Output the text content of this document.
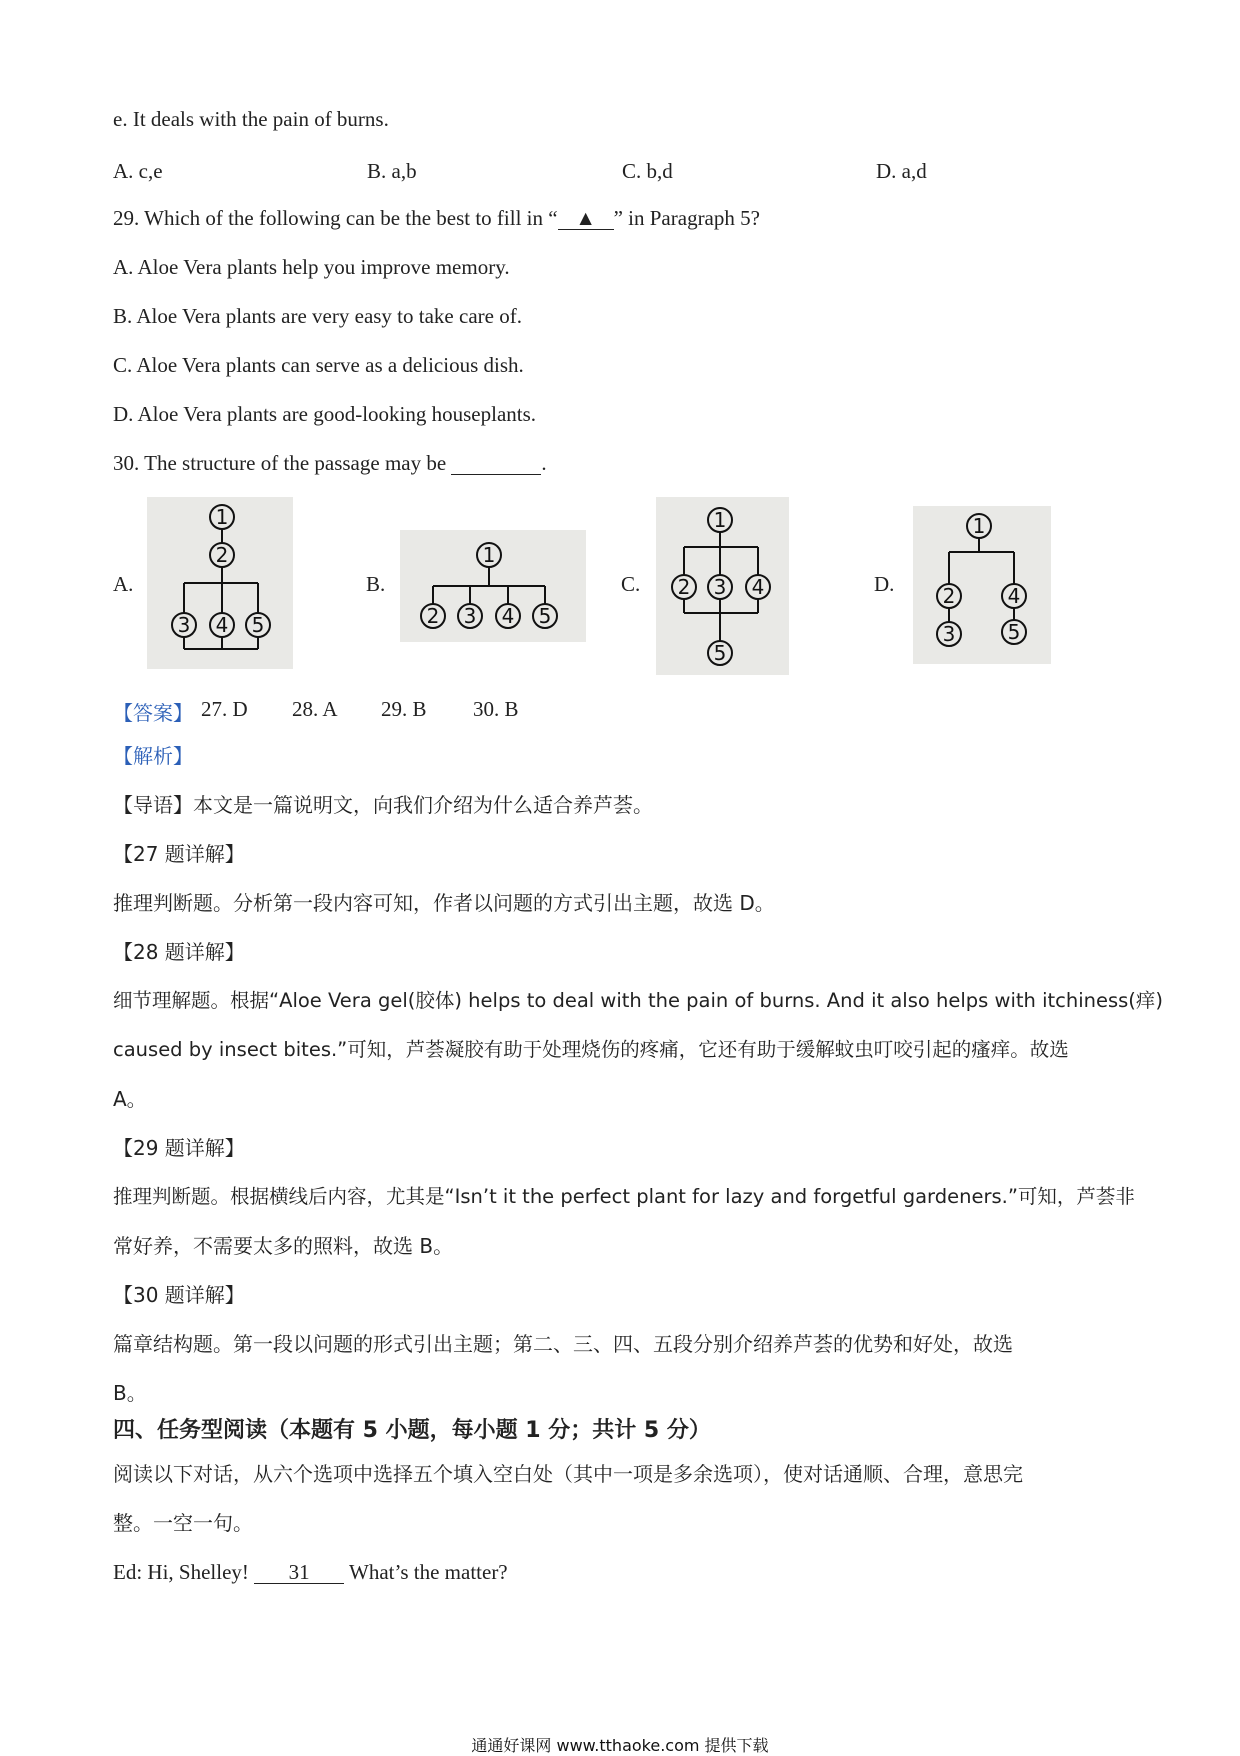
e. It deals with the pain of burns.
A. c,e	B. a,b	C. b,d	D. a,d
29. Which of the following can be the best to fill in “ ▲ ” in Paragraph 5?
A. Aloe Vera plants help you improve memory.
B. Aloe Vera plants are very easy to take care of.
C. Aloe Vera plants can serve as a delicious dish.
D. Aloe Vera plants are good-looking houseplants.
30. The structure of the passage may be	.
A.	B.	C.	D.
1
2
3 4 5
1
2 3 4 5
1
2 3 4
5
1
2
3
4
5
【答案】 27. D 28. A 29. B 30. B
【解析】
【导语】本文是一篇说明文，向我们介绍为什么适合养芦荟。
【27 题详解】
推理判断题。分析第一段内容可知，作者以问题的方式引出主题，故选 D。
【28 题详解】
细节理解题。根据“Aloe Vera gel(胶体) helps to deal with the pain of burns. And it also helps with itchiness(痒)
caused by insect bites.”可知，芦荟凝胶有助于处理烧伤的疼痛，它还有助于缓解蚊虫叮咬引起的瘙痒。故选
A。
【29 题详解】
推理判断题。根据横线后内容，尤其是“Isn’t it the perfect plant for lazy and forgetful gardeners.”可知，芦荟非
常好养，不需要太多的照料，故选 B。
【30 题详解】
篇章结构题。第一段以问题的形式引出主题；第二、三、四、五段分别介绍养芦荟的优势和好处，故选
B。
四、任务型阅读（本题有 5 小题，每小题 1 分；共计 5 分）
阅读以下对话，从六个选项中选择五个填入空白处（其中一项是多余选项），使对话通顺、合理，意思完
整。一空一句。
Ed: Hi, Shelley! 31 What’s the matter?
通通好课网 www.tthaoke.com 提供下载
